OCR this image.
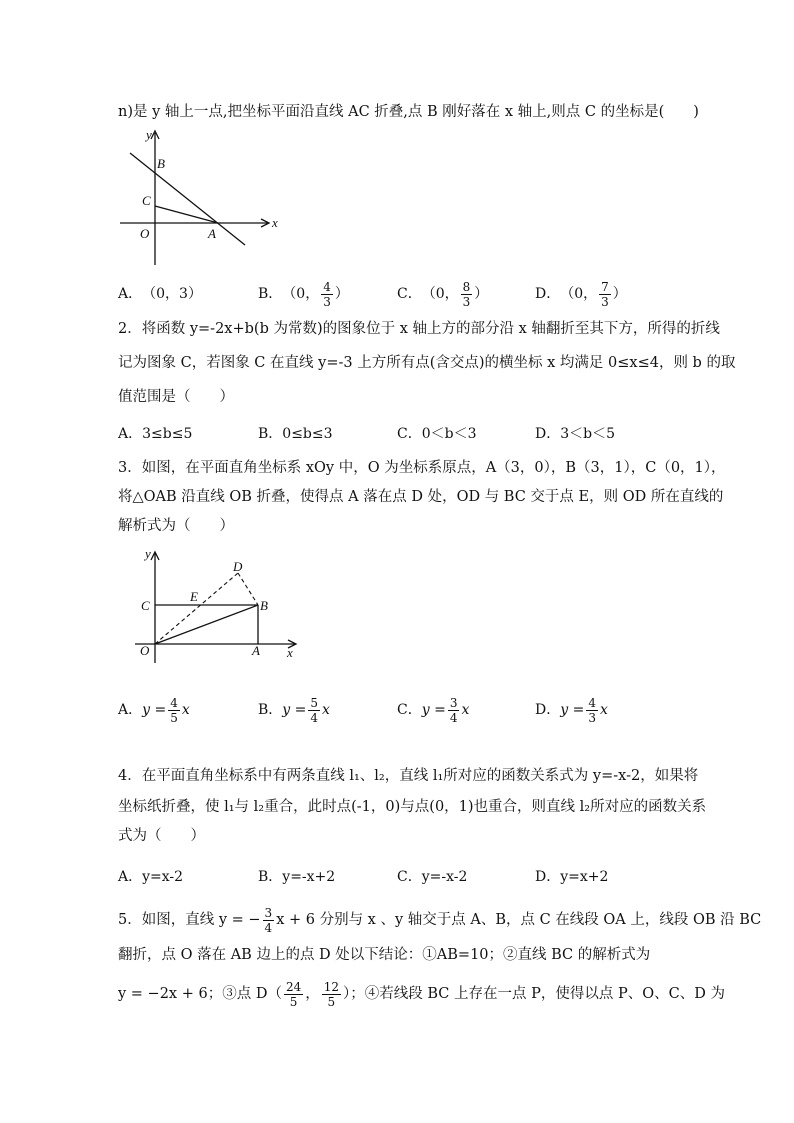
n)是 y 轴上一点,把坐标平面沿直线 AC 折叠,点 B 刚好落在 x 轴上,则点 C 的坐标是(　　)
y
B
C
O	A
x
A． （0，3）	B． （0， $\frac{4}{3}$ ）	C． （0， $\frac{8}{3}$ ）	D． （0， $\frac{7}{3}$ ）
2．将函数 y=-2x+b(b 为常数)的图象位于 x 轴上方的部分沿 x 轴翻折至其下方，所得的折线
记为图象 C，若图象 C 在直线 y=-3 上方所有点(含交点)的横坐标 x 均满足 0≤x≤4，则 b 的取
值范围是（　　）
A．3≤b≤5	B．0≤b≤3	C．0＜b＜3	D．3＜b＜5
3．如图，在平面直角坐标系 xOy 中，O 为坐标系原点，A（3，0），B（3，1），C（0，1），
将△OAB 沿直线 OB 折叠，使得点 A 落在点 D 处，OD 与 BC 交于点 E，则 OD 所在直线的
解析式为（　　）
y
D
C
E
B
O	A x
A． $y = \frac{4}{5}$ x	B． $y = \frac{5}{4}$ x	C． $y = \frac{3}{4}$ x	D． $y = \frac{4}{3}$ x
4．在平面直角坐标系中有两条直线 l₁、l₂，直线 l₁所对应的函数关系式为 y=-x-2，如果将
坐标纸折叠，使 l₁与 l₂重合，此时点(-1，0)与点(0，1)也重合，则直线 l₂所对应的函数关系
式为（　　）
A．y=x-2	B．y=-x+2	C．y=-x-2	D．y=x+2
5．如图，直线 y = − $\frac{3}{4}$ x + 6 分别与 x 、y 轴交于点 A、B，点 C 在线段 OA 上，线段 OB 沿 BC
翻折，点 O 落在 AB 边上的点 D 处以下结论：①AB=10；②直线 BC 的解析式为
y = −2x + 6；③点 $D( \frac{24}{5}$ ， $\frac{12}{5}$ ）；④若线段 BC 上存在一点 P，使得以点 P、O、C、D 为
